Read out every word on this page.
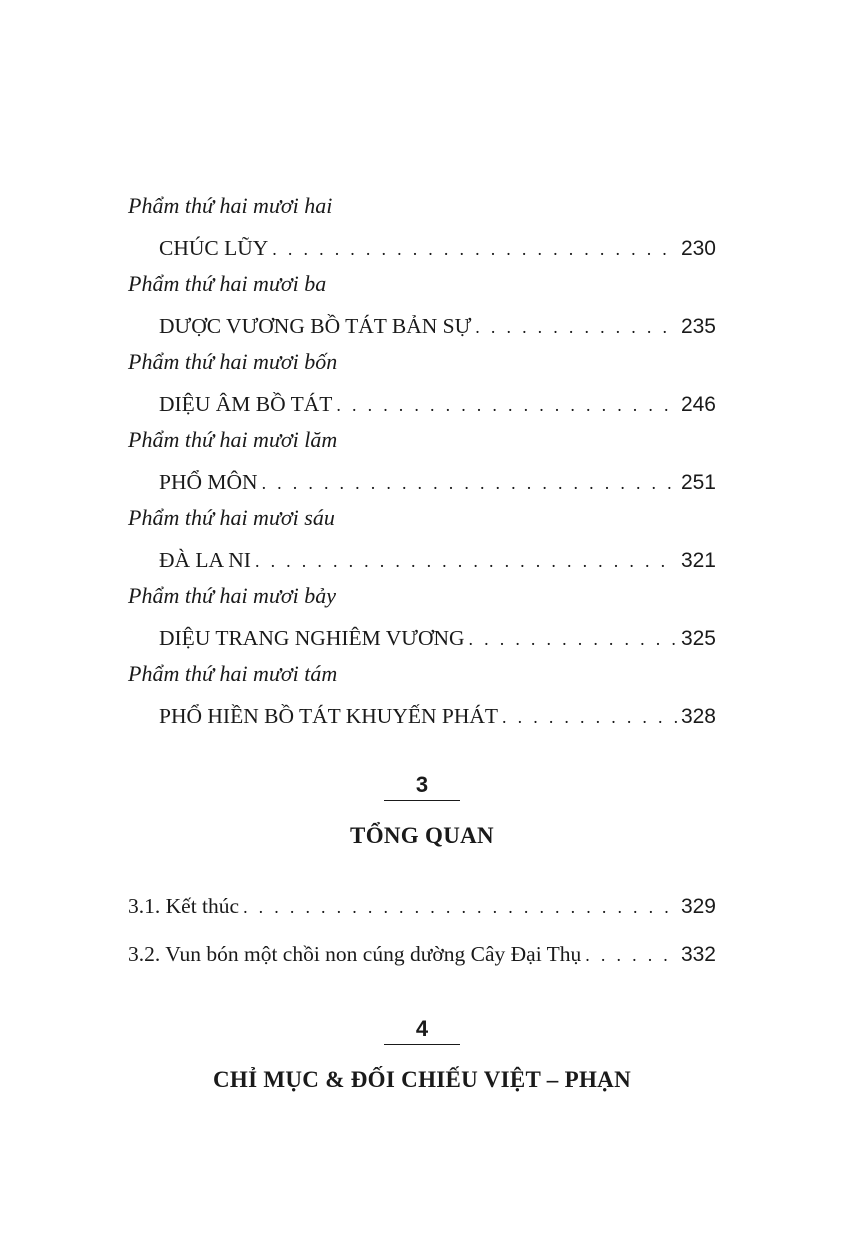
Phẩm thứ hai mươi hai
CHÚC LŨY . . .	230
Phẩm thứ hai mươi ba
DƯỢC VƯƠNG BỒ TÁT BẢN SỰ . . .	235
Phẩm thứ hai mươi bốn
DIỆU ÂM BỒ TÁT . . .	246
Phẩm thứ hai mươi lăm
PHỔ MÔN . . .	251
Phẩm thứ hai mươi sáu
ĐÀ LA NI . . .	321
Phẩm thứ hai mươi bảy
DIỆU TRANG NGHIÊM VƯƠNG . . .	325
Phẩm thứ hai mươi tám
PHỔ HIỀN BỒ TÁT KHUYẾN PHÁT . . .	328
3
TỔNG QUAN
3.1. Kết thúc . . .	329
3.2. Vun bón một chồi non cúng dường Cây Đại Thụ . . .	332
4
CHỈ MỤC & ĐỐI CHIẾU VIỆT – PHẠN
